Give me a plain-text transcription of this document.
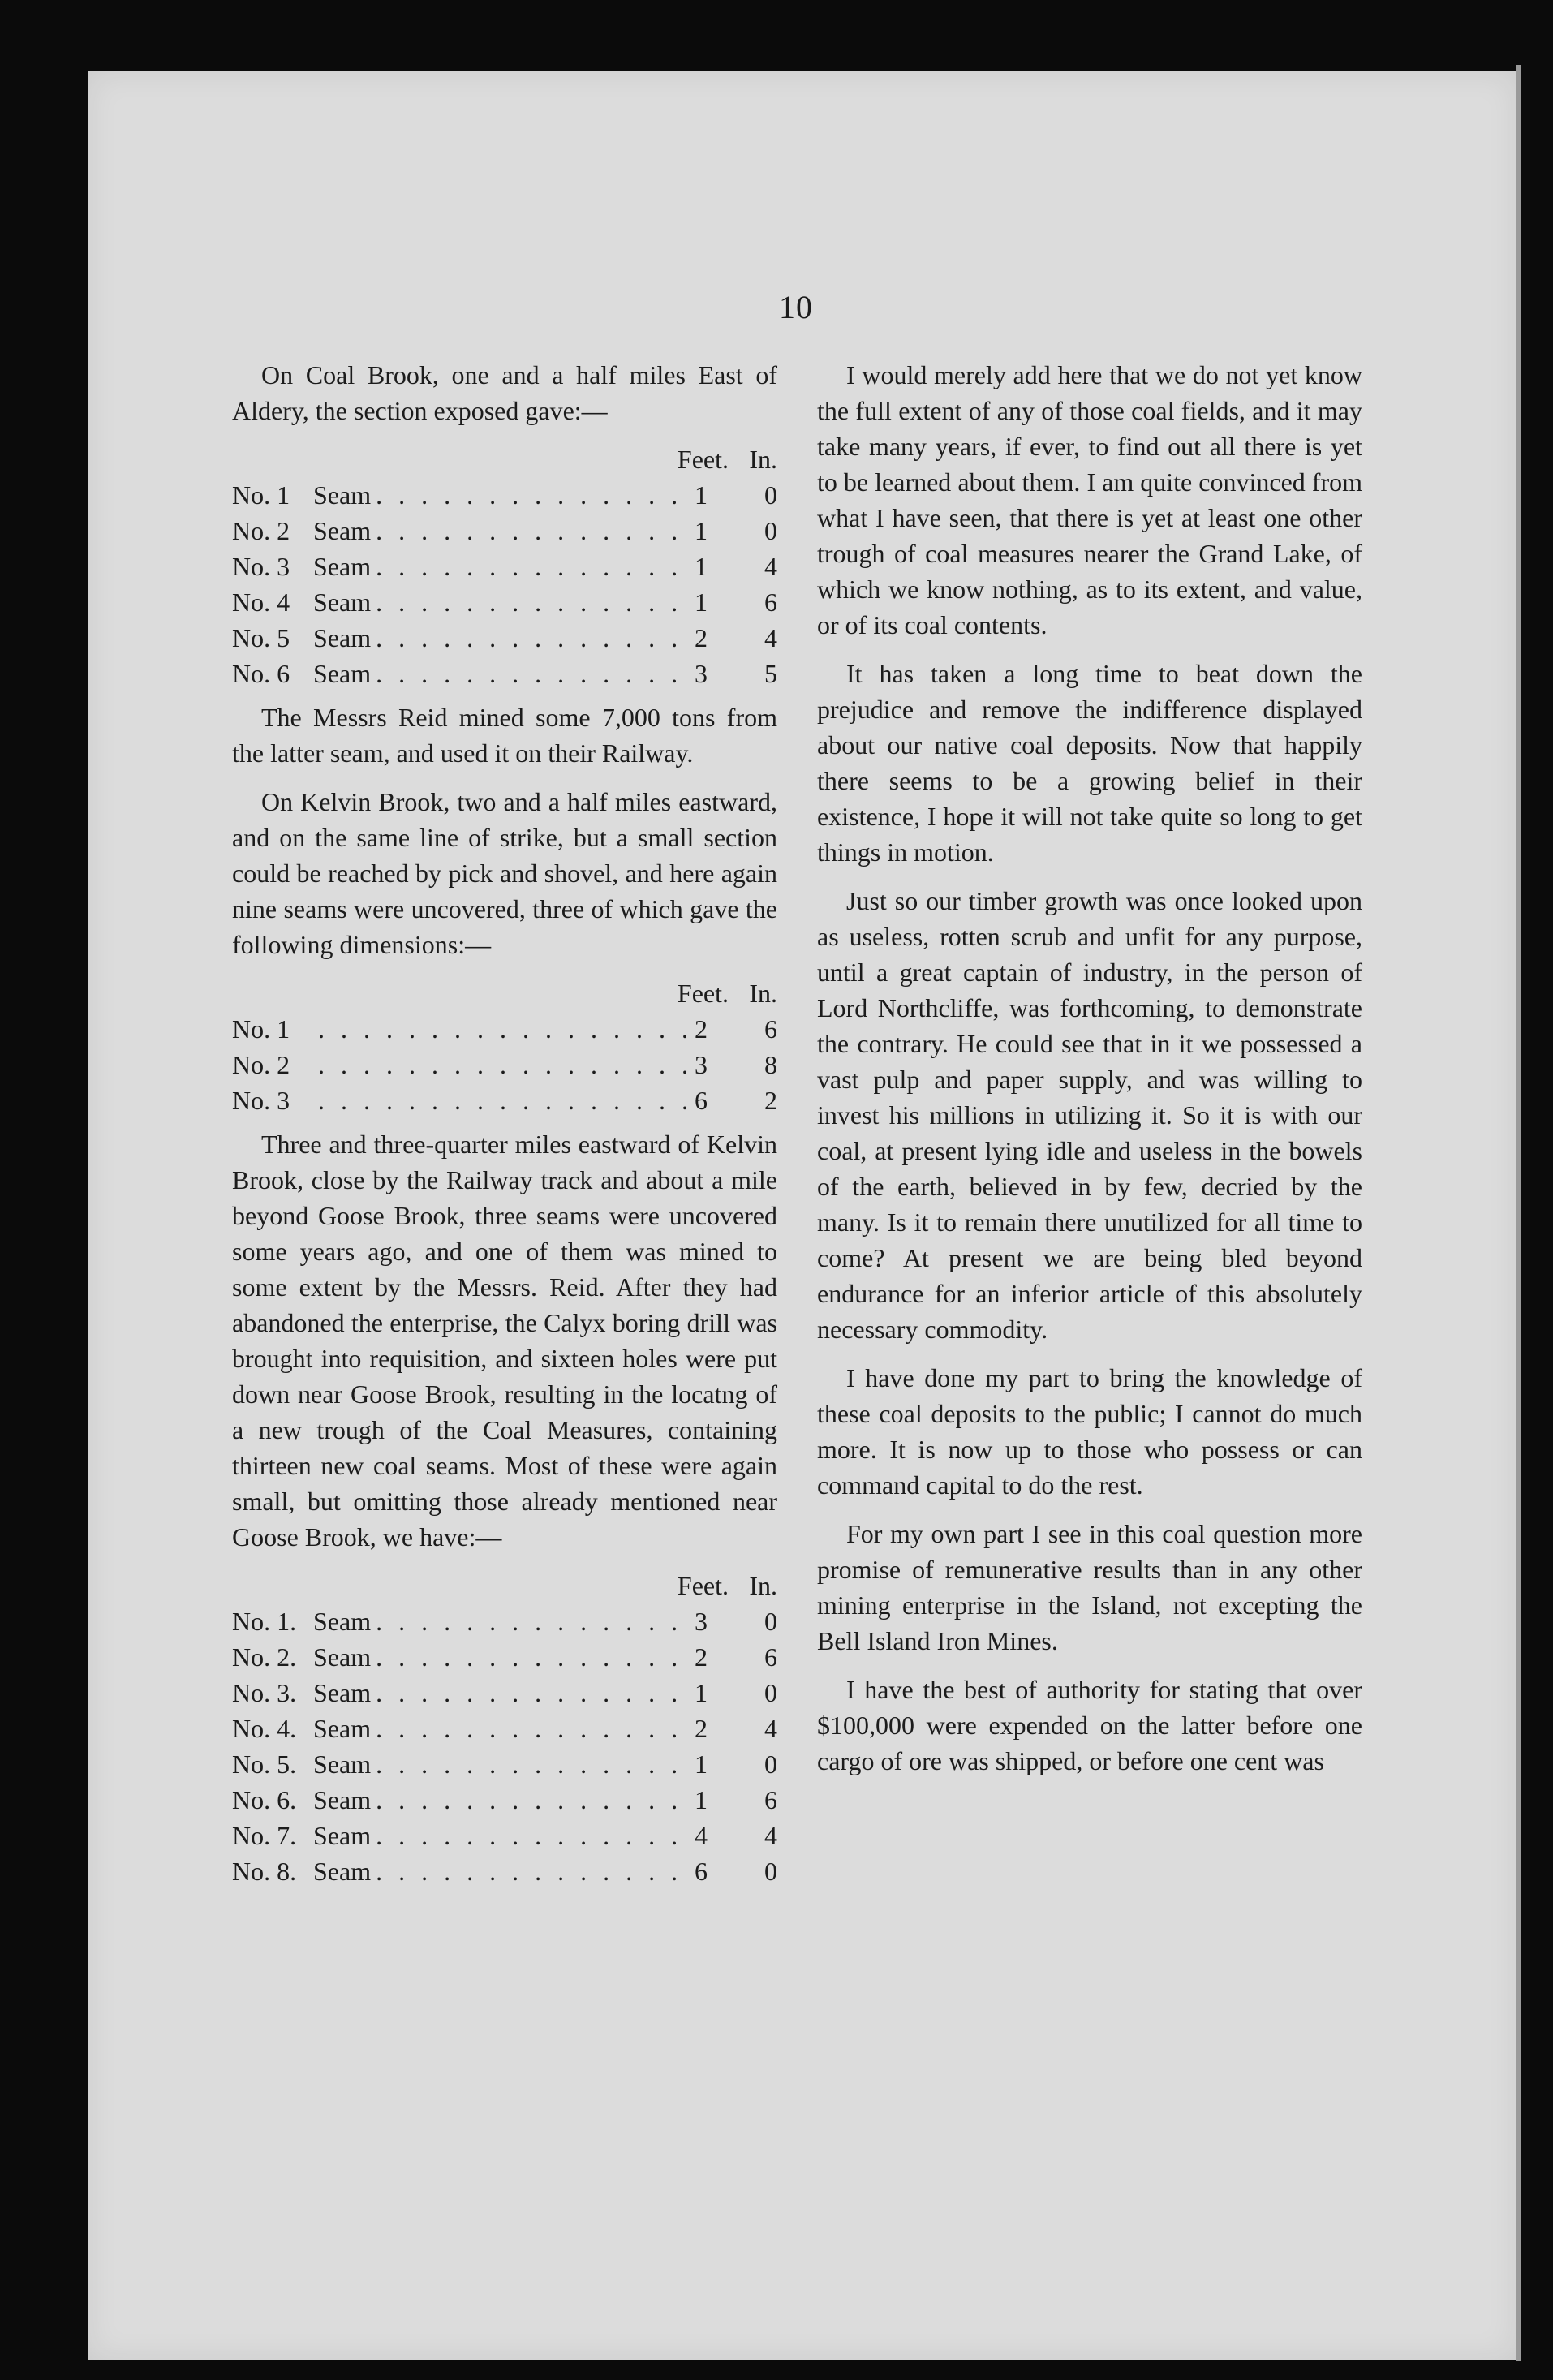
10

On Coal Brook, one and a half miles East of Aldery, the section exposed gave:—

Feet. In.
No. 1 Seam . . .	1	0
No. 2 Seam . . .	1	0
No. 3 Seam . . .	1	4
No. 4 Seam . . .	1	6
No. 5 Seam . . .	2	4
No. 6 Seam . . .	3	5

The Messrs Reid mined some 7,000 tons from the latter seam, and used it on their Railway.

On Kelvin Brook, two and a half miles eastward, and on the same line of strike, but a small section could be reached by pick and shovel, and here again nine seams were uncovered, three of which gave the following dimensions:—

Feet. In.
No. 1 . . .	2	6
No. 2 . . .	3	8
No. 3 . . .	6	2

Three and three-quarter miles eastward of Kelvin Brook, close by the Railway track and about a mile beyond Goose Brook, three seams were uncovered some years ago, and one of them was mined to some extent by the Messrs. Reid. After they had abandoned the enterprise, the Calyx boring drill was brought into requisition, and sixteen holes were put down near Goose Brook, resulting in the locatng of a new trough of the Coal Measures, containing thirteen new coal seams. Most of these were again small, but omitting those already mentioned near Goose Brook, we have:—

Feet. In.
No. 1. Seam . . .	3	0
No. 2. Seam . . .	2	6
No. 3. Seam . . .	1	0
No. 4. Seam . . .	2	4
No. 5. Seam . . .	1	0
No. 6. Seam . . .	1	6
No. 7. Seam . . .	4	4
No. 8. Seam . . .	6	0

I would merely add here that we do not yet know the full extent of any of those coal fields, and it may take many years, if ever, to find out all there is yet to be learned about them. I am quite convinced from what I have seen, that there is yet at least one other trough of coal measures nearer the Grand Lake, of which we know nothing, as to its extent, and value, or of its coal contents.

It has taken a long time to beat down the prejudice and remove the indifference displayed about our native coal deposits. Now that happily there seems to be a growing belief in their existence, I hope it will not take quite so long to get things in motion.

Just so our timber growth was once looked upon as useless, rotten scrub and unfit for any purpose, until a great captain of industry, in the person of Lord Northcliffe, was forthcoming, to demonstrate the contrary. He could see that in it we possessed a vast pulp and paper supply, and was willing to invest his millions in utilizing it. So it is with our coal, at present lying idle and useless in the bowels of the earth, believed in by few, decried by the many. Is it to remain there unutilized for all time to come? At present we are being bled beyond endurance for an inferior article of this absolutely necessary commodity.

I have done my part to bring the knowledge of these coal deposits to the public; I cannot do much more. It is now up to those who possess or can command capital to do the rest.

For my own part I see in this coal question more promise of remunerative results than in any other mining enterprise in the Island, not excepting the Bell Island Iron Mines.

I have the best of authority for stating that over $100,000 were expended on the latter before one cargo of ore was shipped, or before one cent was
